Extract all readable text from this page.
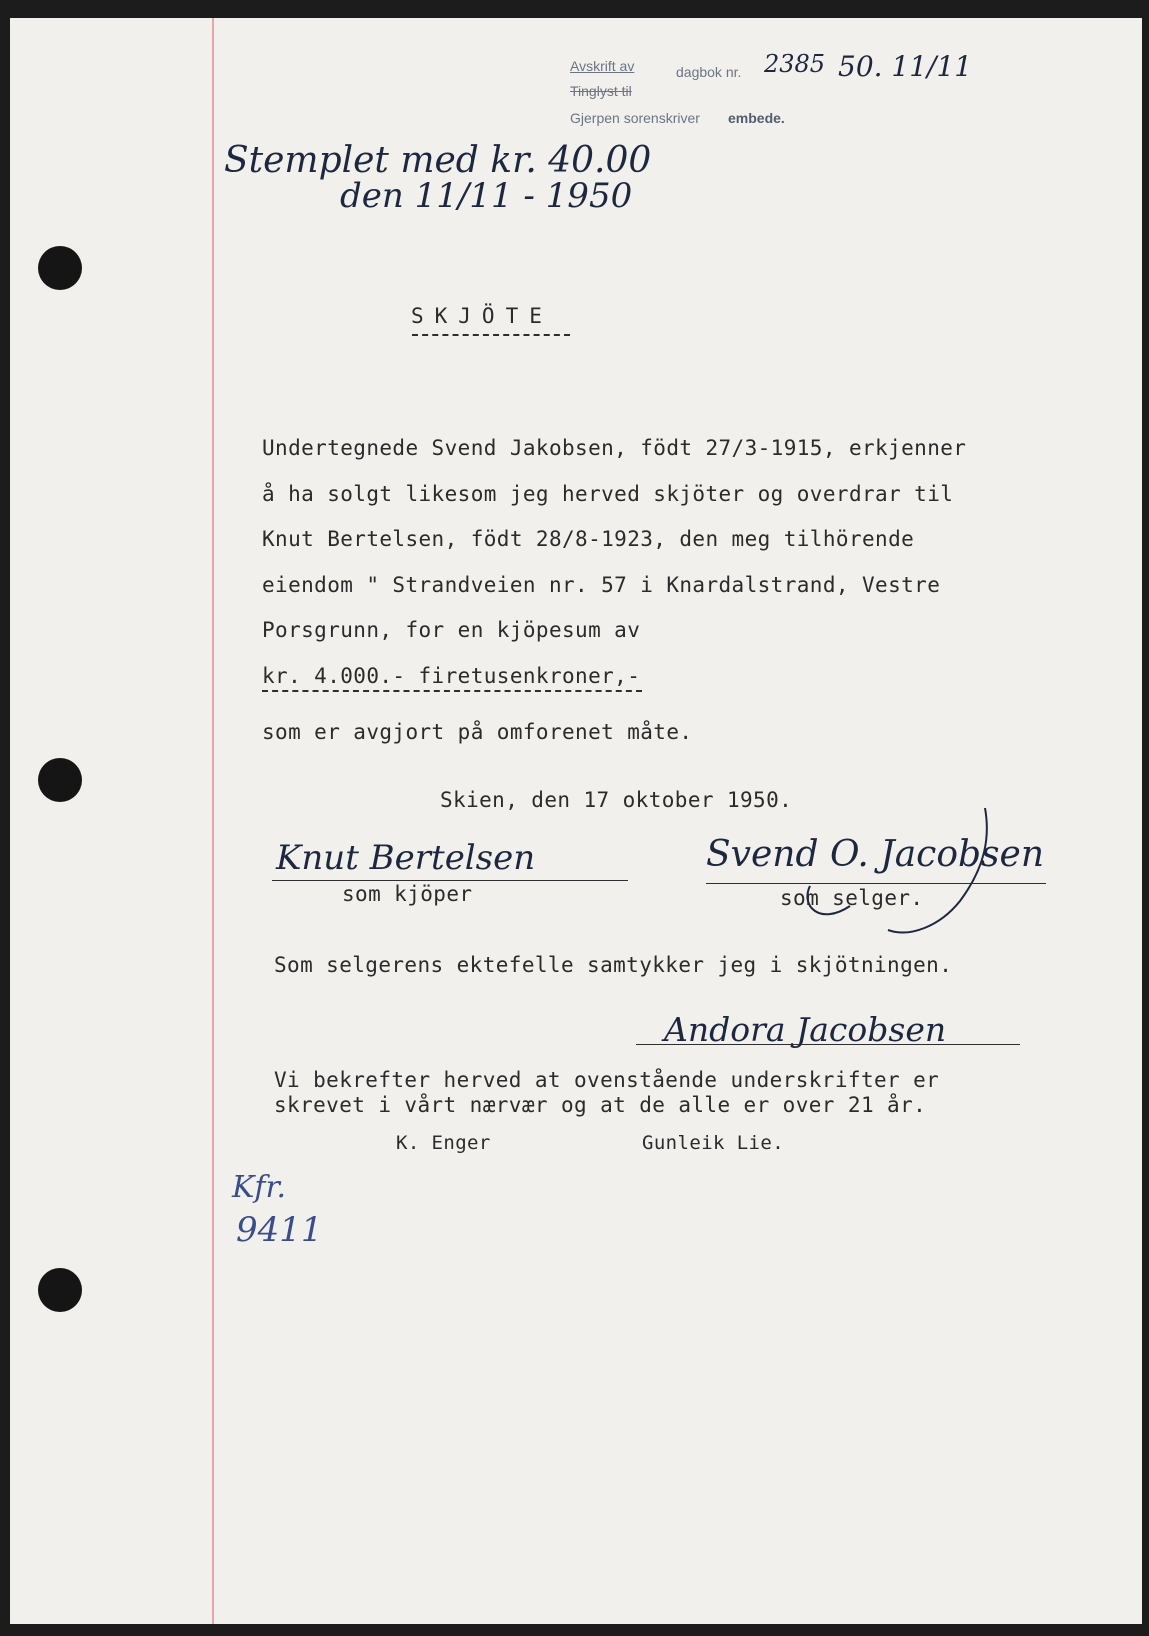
Avskrift av	dagbok nr. 2385 50. 11/11
Tinglyst til
Gjerpen sorenskriver embede.
Stemplet med kr. 40.00
den 11/11 - 1950
SKJÖTE
Undertegnede Svend Jakobsen, födt 27/3-1915, erkjenner
å ha solgt likesom jeg herved skjöter og overdrar til
Knut Bertelsen, födt 28/8-1923, den meg tilhörende
eiendom " Strandveien nr. 57 i Knardalstrand, Vestre
Porsgrunn, for en kjöpesum av
kr. 4.000.- firetusenkroner,-
som er avgjort på omforenet måte.
Skien, den 17 oktober 1950.
Knut Bertelsen
som kjöper
Svend O. Jacobsen
som selger.
Som selgerens ektefelle samtykker jeg i skjötningen.
Andora Jacobsen
Vi bekrefter herved at ovenstående underskrifter er
skrevet i vårt nærvær og at de alle er over 21 år.
K. Enger	Gunleik Lie.
Kfr.
9411
